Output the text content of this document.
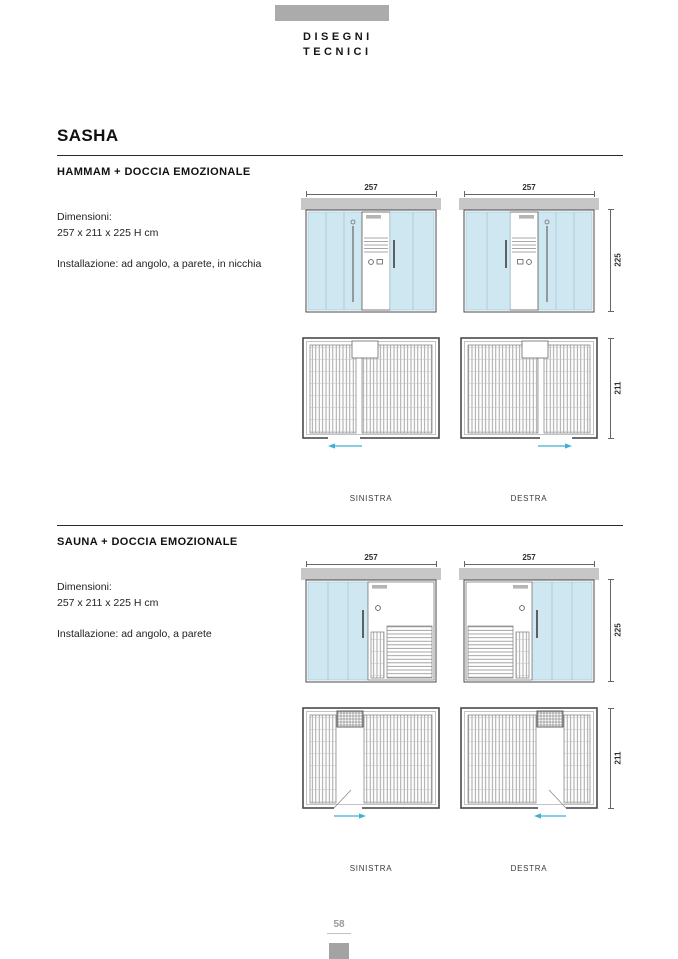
DISEGNI
TECNICI
SASHA
HAMMAM + DOCCIA EMOZIONALE

Dimensioni:

257 x 211 x 225 H cm

Installazione: ad angolo, a parete, in nicchia

257	257
225
211
SINISTRA	DESTRA
SAUNA + DOCCIA EMOZIONALE

Dimensioni:

257 x 211 x 225 H cm

Installazione: ad angolo, a parete

257	257
225
211
SINISTRA	DESTRA
58
